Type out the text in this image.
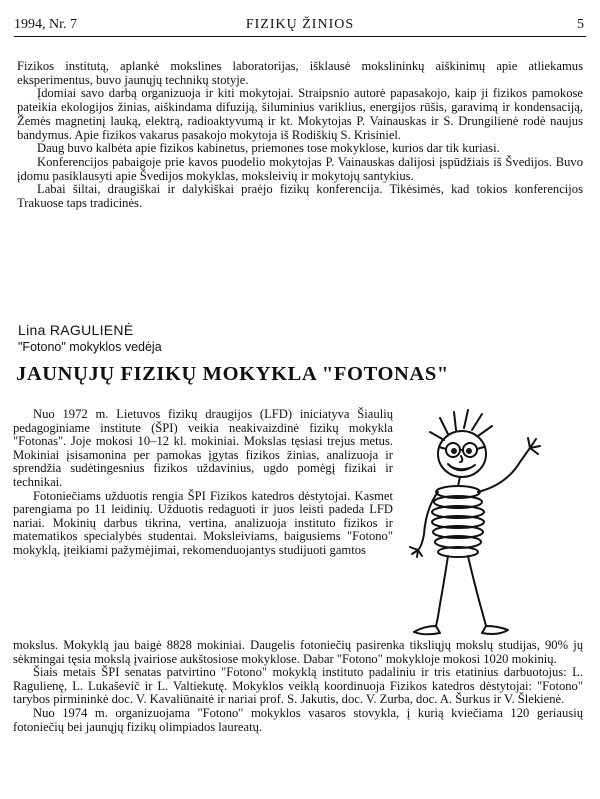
1994, Nr. 7	FIZIKŲ ŽINIOS	5

Fizikos institutą, aplankė mokslines laboratorijas, išklausė mokslininkų aiškinimų apie atliekamus eksperimentus, buvo jaunųjų technikų stotyje.

Įdomiai savo darbą organizuoja ir kiti mokytojai. Straipsnio autorė papasakojo, kaip ji fizikos pamokose pateikia ekologijos žinias, aiškindama difuziją, šiluminius variklius, energijos rūšis, garavimą ir kondensaciją, Žemės magnetinį lauką, elektrą, radioaktyvumą ir kt. Mokytojas P. Vainauskas ir S. Drungilienė rodė naujus bandymus. Apie fizikos vakarus pasakojo mokytoja iš Rodiškių S. Krisiniel.

Daug buvo kalbėta apie fizikos kabinetus, priemones tose mokyklose, kurios dar tik kuriasi.

Konferencijos pabaigoje prie kavos puodelio mokytojas P. Vainauskas dalijosi įspūdžiais iš Švedijos. Buvo įdomu pasiklausyti apie Švedijos mokyklas, moksleivių ir mokytojų santykius.

Labai šiltai, draugiškai ir dalykiškai praėjo fizikų konferencija. Tikėsimės, kad tokios konferencijos Trakuose taps tradicinės.

Lina RAGULIENĖ
"Fotono" mokyklos vedėja
JAUNŲJŲ FIZIKŲ MOKYKLA "FOTONAS"

Nuo 1972 m. Lietuvos fizikų draugijos (LFD) iniciatyva Šiaulių pedagoginiame institute (ŠPI) veikia neakivaizdinė fizikų mokykla "Fotonas". Joje mokosi 10–12 kl. mokiniai. Mokslas tęsiasi trejus metus. Mokiniai įsisamonina per pamokas įgytas fizikos žinias, analizuoja ir sprendžia sudėtingesnius fizikos uždavinius, ugdo pomėgį fizikai ir technikai.

Fotoniečiams užduotis rengia ŠPI Fizikos katedros dėstytojai. Kasmet parengiama po 11 leidinių. Užduotis redaguoti ir juos leisti padeda LFD nariai. Mokinių darbus tikrina, vertina, analizuoja instituto fizikos ir matematikos specialybės studentai. Moksleiviams, baigusiems "Fotono" mokyklą, įteikiami pažymėjimai, rekomenduojantys studijuoti gamtos

mokslus. Mokyklą jau baigė 8828 mokiniai. Daugelis fotoniečių pasirenka tiksliųjų mokslų studijas, 90% jų sėkmingai tęsia mokslą įvairiose aukštosiose mokyklose. Dabar "Fotono" mokykloje mokosi 1020 mokinių.

Šiais metais ŠPI senatas patvirtino "Fotono" mokyklą instituto padaliniu ir tris etatinius darbuotojus: L. Ragulienę, L. Lukaševič ir L. Valtiekutę. Mokyklos veiklą koordinuoja Fizikos katedros dėstytojai: "Fotono" tarybos pirmininkė doc. V. Kavaliūnaitė ir nariai prof. S. Jakutis, doc. V. Zurba, doc. A. Šurkus ir V. Šlekienė.

Nuo 1974 m. organizuojama "Fotono" mokyklos vasaros stovykla, į kurią kviečiama 120 geriausių fotoniečių bei jaunųjų fizikų olimpiados laureatų.
